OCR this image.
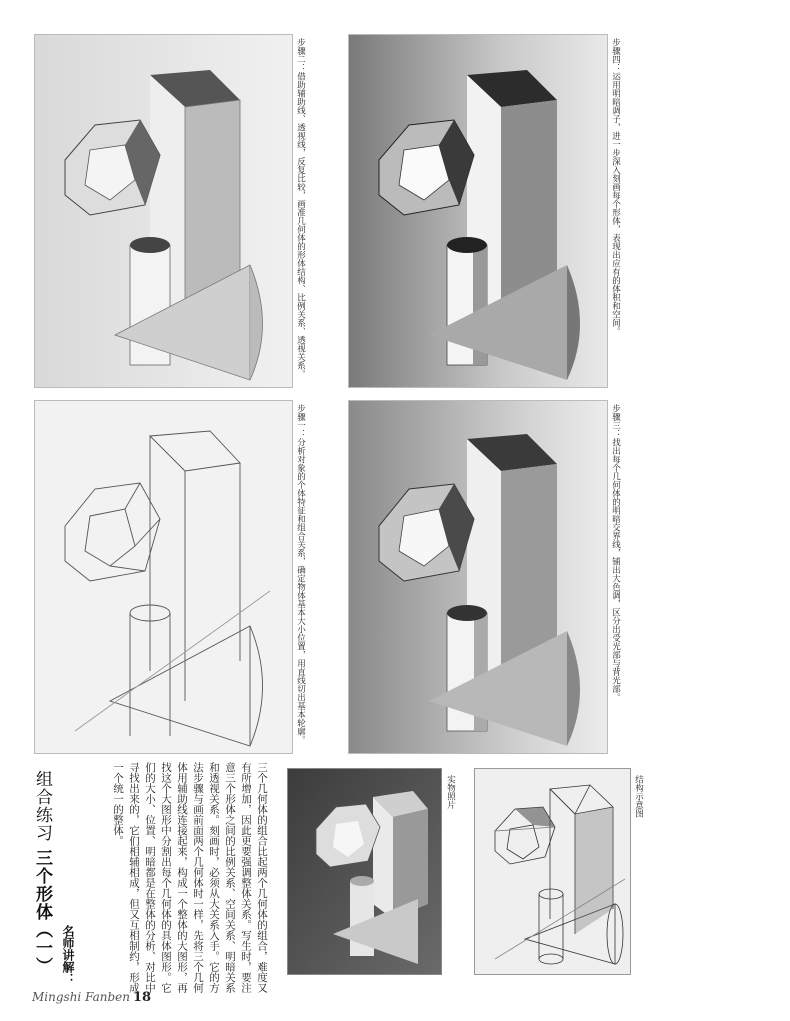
步骤二：借助辅助线、透视线，反复比较，画准几何体的形体结构、比例关系、透视关系。	步骤四：运用明暗调子，进一步深入刻画每个形体，表现出应有的体积和空间。
步骤一：分析对象的个体特征和组合关系，确定物体基本大小位置，用直线切出基本轮廓。	步骤三：找出每个几何体的明暗交界线，铺出大色调，区分出受光部与背光部。
组合练习 三个形体（一） 名师讲解：	三个几何体的组合比起两个几何体的组合，难度又有所增加，因此更要强调整体关系。写生时，要注意三个形体之间的比例关系、空间关系、明暗关系和透视关系。刻画时，必须从大关系入手。它的方法步骤与画前面两个几何体时一样，先将三个几何体用辅助线连接起来，构成一个整体的大图形，再找这个大图形中分割出每个几何体的具体图形。它们的大小、位置、明暗都是在整体的分析、对比中寻找出来的，它们相辅相成，但又互相制约，形成一个统一的整体。	实物照片	结构示意图
Mingshi Fanben 18
